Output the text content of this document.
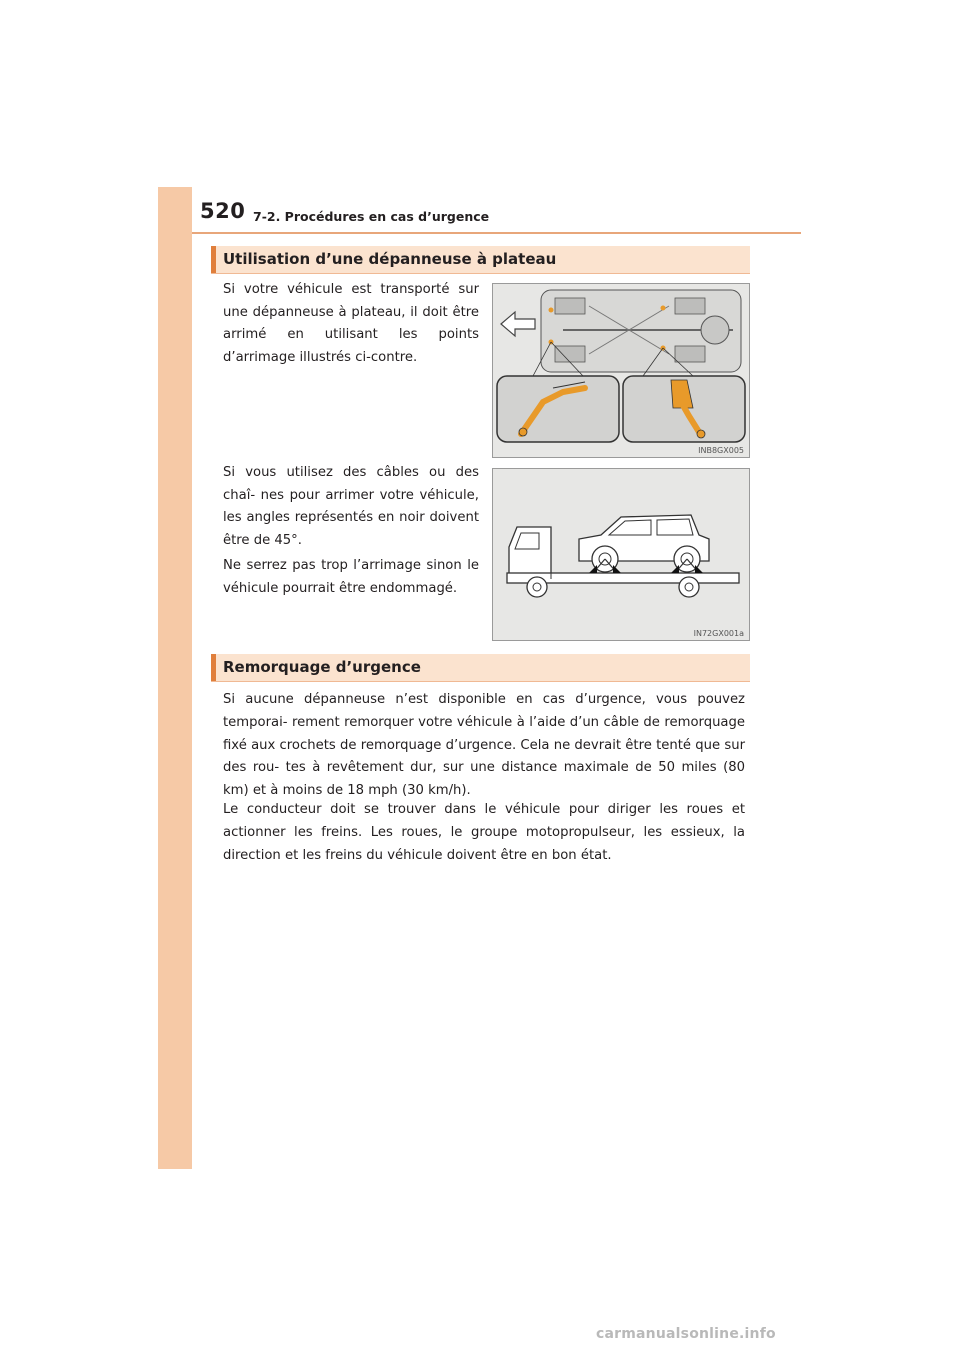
520 7-2. Procédures en cas d’urgence
Utilisation d’une dépanneuse à plateau

Si votre véhicule est transporté sur une dépanneuse à plateau, il doit être arrimé en utilisant les points d’arrimage illustrés ci-contre.

INB8GX005

Si vous utilisez des câbles ou des chaî- nes pour arrimer votre véhicule, les angles représentés en noir doivent être de 45°.

Ne serrez pas trop l’arrimage sinon le véhicule pourrait être endommagé.

IN72GX001a
Remorquage d’urgence

Si aucune dépanneuse n’est disponible en cas d’urgence, vous pouvez temporai- rement remorquer votre véhicule à l’aide d’un câble de remorquage fixé aux crochets de remorquage d’urgence. Cela ne devrait être tenté que sur des rou- tes à revêtement dur, sur une distance maximale de 50 miles (80 km) et à moins de 18 mph (30 km/h).

Le conducteur doit se trouver dans le véhicule pour diriger les roues et actionner les freins. Les roues, le groupe motopropulseur, les essieux, la direction et les freins du véhicule doivent être en bon état.

carmanualsonline.info
